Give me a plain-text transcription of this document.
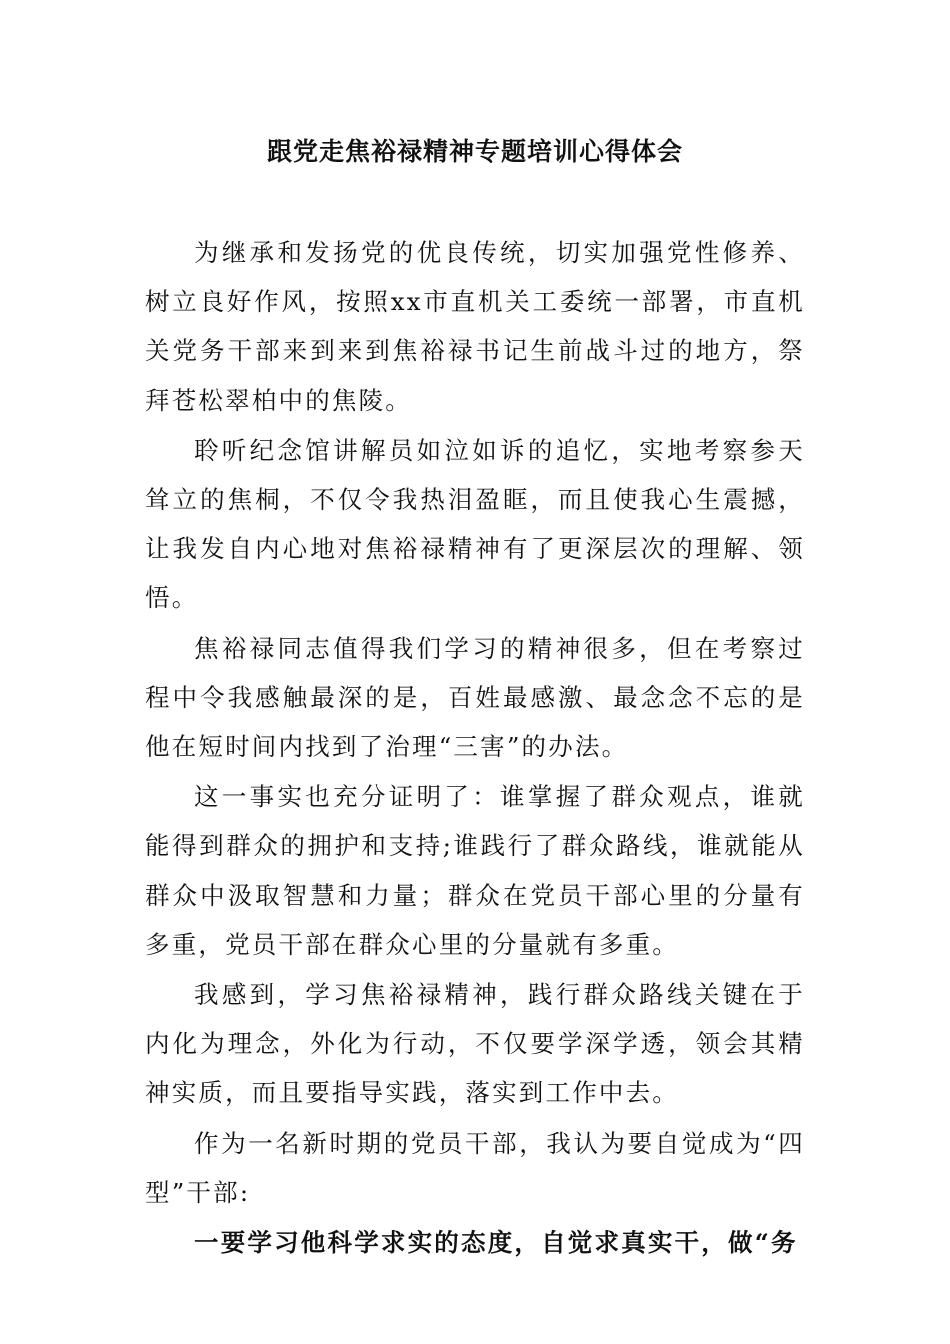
跟党走焦裕禄精神专题培训心得体会

为继承和发扬党的优良传统，切实加强党性修养、树立良好作风，按照xx市直机关工委统一部署，市直机关党务干部来到来到焦裕禄书记生前战斗过的地方，祭拜苍松翠柏中的焦陵。

聆听纪念馆讲解员如泣如诉的追忆，实地考察参天耸立的焦桐，不仅令我热泪盈眶，而且使我心生震撼，让我发自内心地对焦裕禄精神有了更深层次的理解、领悟。

焦裕禄同志值得我们学习的精神很多，但在考察过程中令我感触最深的是，百姓最感激、最念念不忘的是他在短时间内找到了治理“三害”的办法。

这一事实也充分证明了：谁掌握了群众观点，谁就能得到群众的拥护和支持;谁践行了群众路线，谁就能从群众中汲取智慧和力量；群众在党员干部心里的分量有多重，党员干部在群众心里的分量就有多重。

我感到，学习焦裕禄精神，践行群众路线关键在于内化为理念，外化为行动，不仅要学深学透，领会其精神实质，而且要指导实践，落实到工作中去。

作为一名新时期的党员干部，我认为要自觉成为“四型”干部:

一要学习他科学求实的态度，自觉求真实干，做“务
